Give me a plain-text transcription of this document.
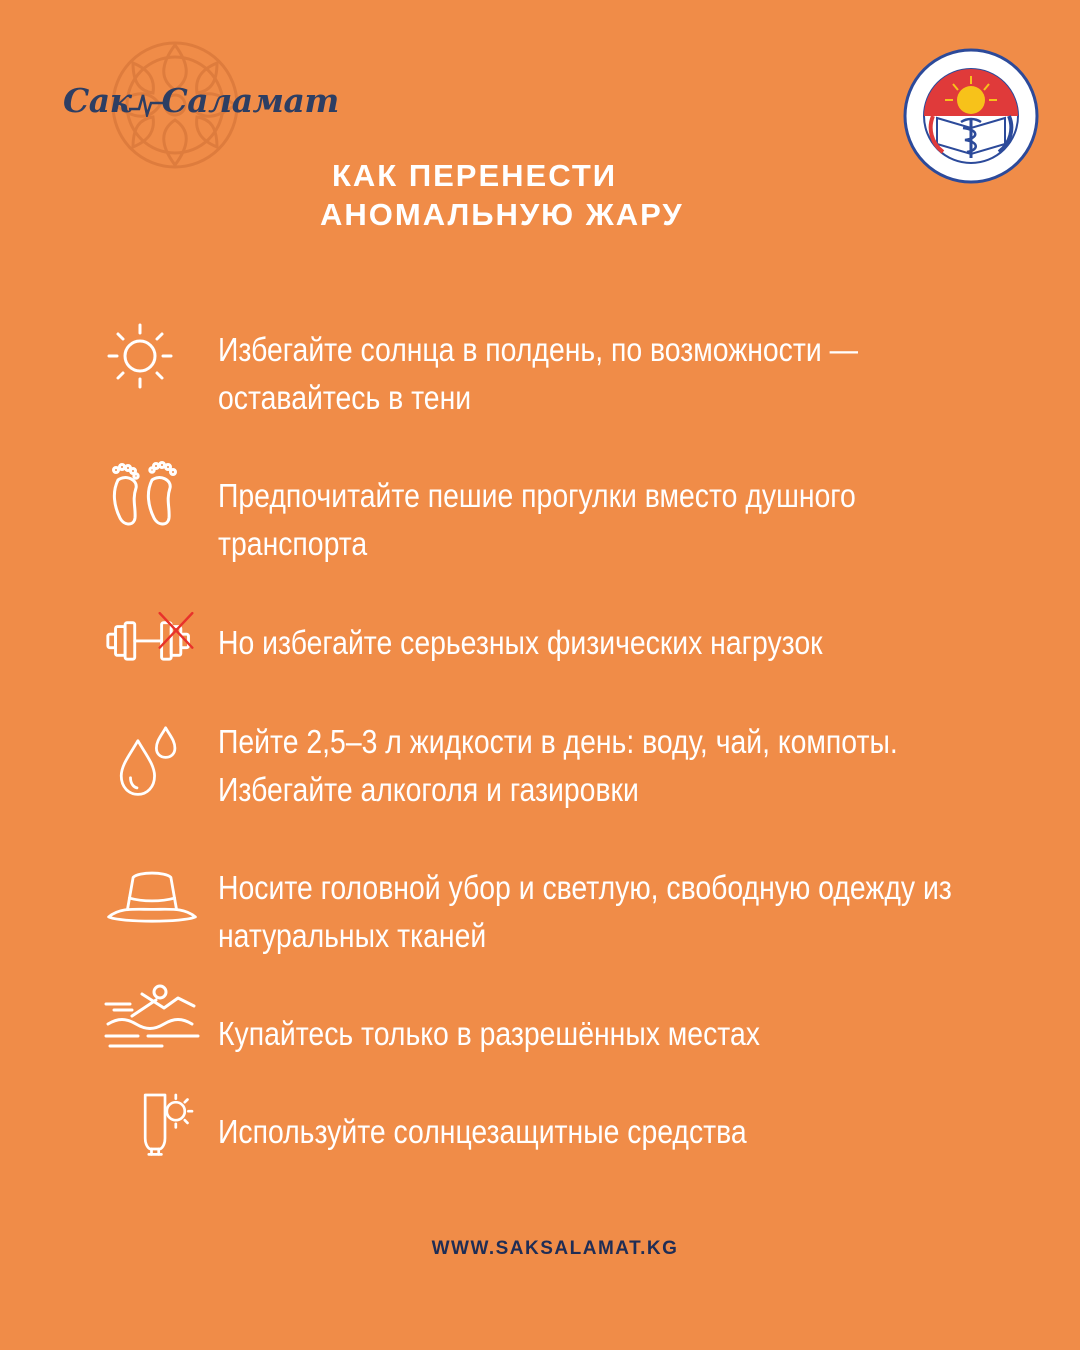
Сак Саламат
КАК ПЕРЕНЕСТИ
АНОМАЛЬНУЮ ЖАРУ
Избегайте солнца в полдень, по возможности — оставайтесь в тени
Предпочитайте пешие прогулки вместо душного транспорта
Но избегайте серьезных физических нагрузок
Пейте 2,5–3 л жидкости в день: воду, чай, компоты. Избегайте алкоголя и газировки
Носите головной убор и светлую, свободную одежду из натуральных тканей
Купайтесь только в разрешённых местах
Используйте солнцезащитные средства
WWW.SAKSALAMAT.KG
